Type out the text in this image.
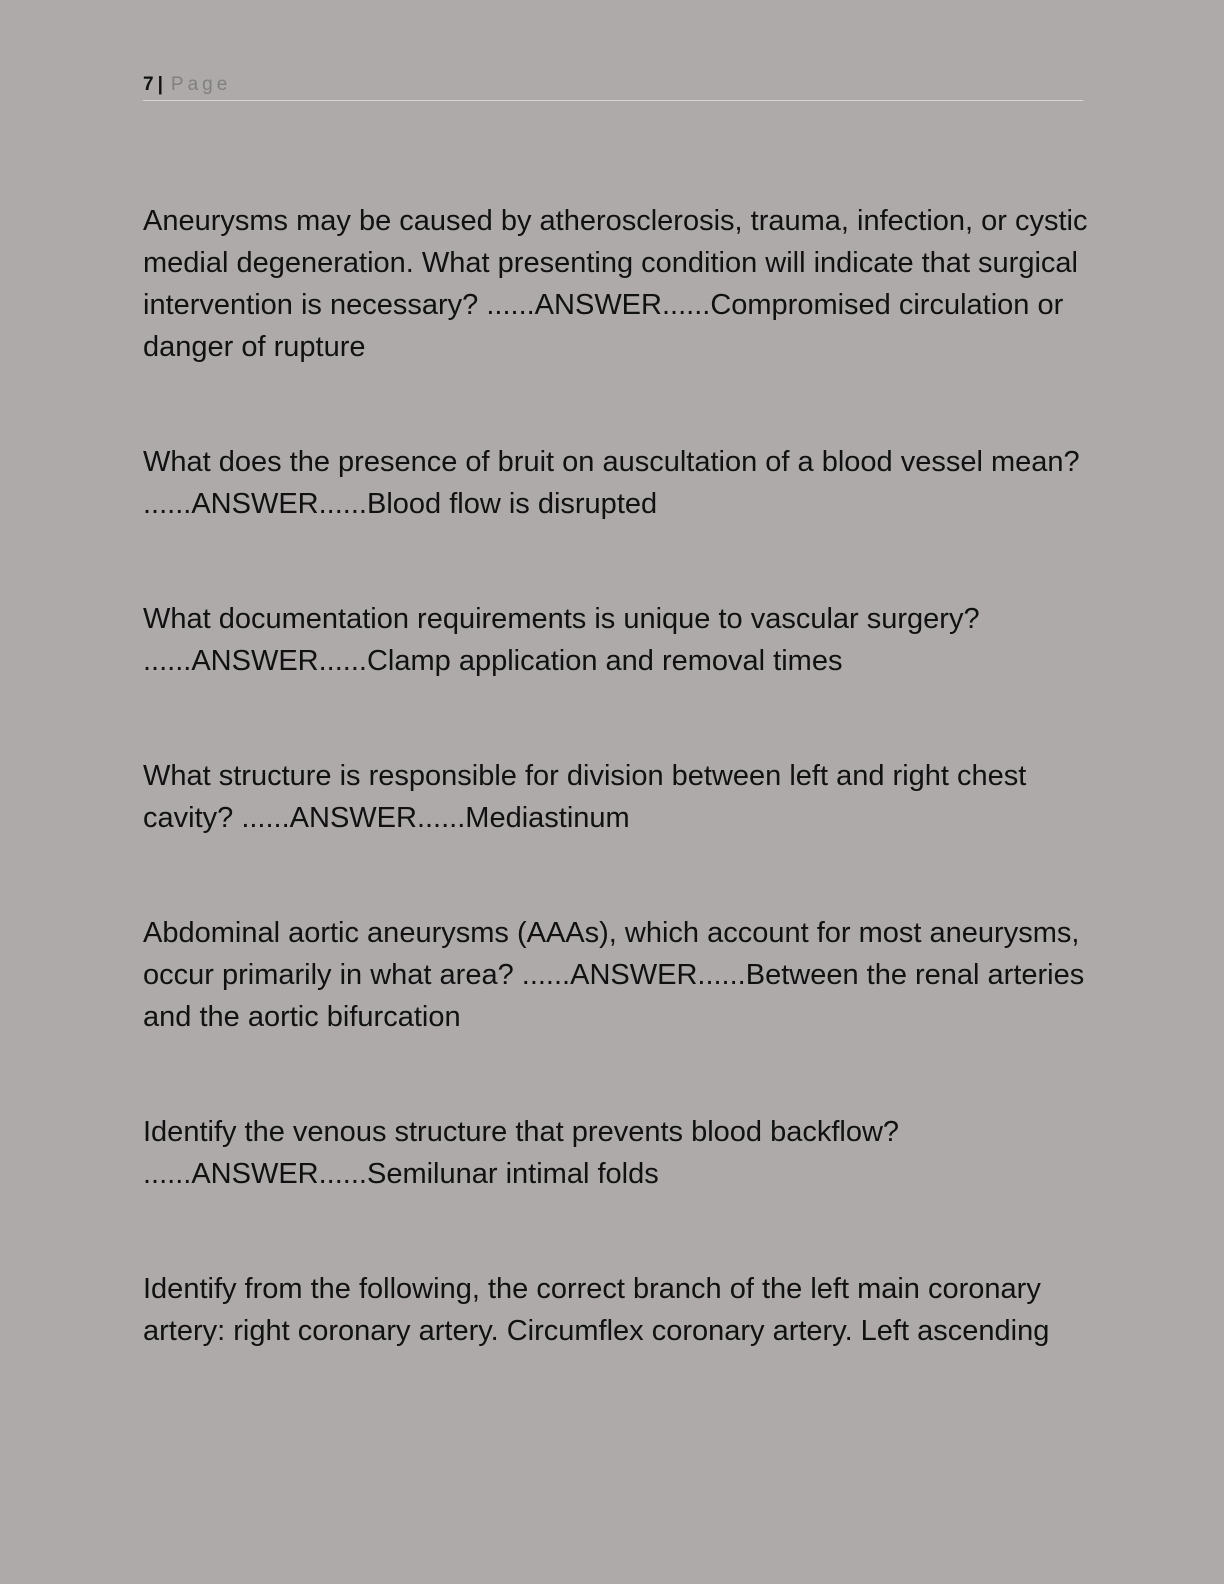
7 | Page

Aneurysms may be caused by atherosclerosis, trauma, infection, or cystic medial degeneration. What presenting condition will indicate that surgical intervention is necessary? ......ANSWER......Compromised circulation or danger of rupture

What does the presence of bruit on auscultation of a blood vessel mean? ......ANSWER......Blood flow is disrupted

What documentation requirements is unique to vascular surgery? ......ANSWER......Clamp application and removal times

What structure is responsible for division between left and right chest cavity? ......ANSWER......Mediastinum

Abdominal aortic aneurysms (AAAs), which account for most aneurysms, occur primarily in what area? ......ANSWER......Between the renal arteries and the aortic bifurcation

Identify the venous structure that prevents blood backflow? ......ANSWER......Semilunar intimal folds

Identify from the following, the correct branch of the left main coronary artery: right coronary artery. Circumflex coronary artery. Left ascending
